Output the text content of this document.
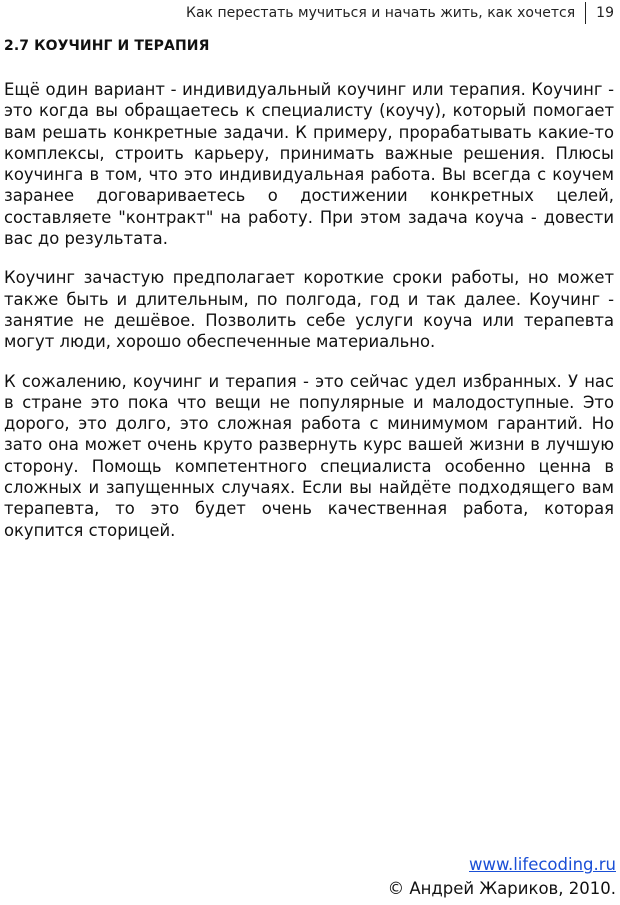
Как перестать мучиться и начать жить, как хочется 19
2.7 КОУЧИНГ И ТЕРАПИЯ

Ещё один вариант - индивидуальный коучинг или терапия. Коучинг - это когда вы обращаетесь к специалисту (коучу), который помогает вам решать конкретные задачи. К примеру, прорабатывать какие-то комплексы, строить карьеру, принимать важные решения. Плюсы коучинга в том, что это индивидуальная работа. Вы всегда с коучем заранее договариваетесь о достижении конкретных целей, составляете "контракт" на работу. При этом задача коуча - довести вас до результата.

Коучинг зачастую предполагает короткие сроки работы, но может также быть и длительным, по полгода, год и так далее. Коучинг - занятие не дешёвое. Позволить себе услуги коуча или терапевта могут люди, хорошо обеспеченные материально.

К сожалению, коучинг и терапия - это сейчас удел избранных. У нас в стране это пока что вещи не популярные и малодоступные. Это дорого, это долго, это сложная работа с минимумом гарантий. Но зато она может очень круто развернуть курс вашей жизни в лучшую сторону. Помощь компетентного специалиста особенно ценна в сложных и запущенных случаях. Если вы найдёте подходящего вам терапевта, то это будет очень качественная работа, которая окупится сторицей.

www.lifecoding.ru
© Андрей Жариков, 2010.
